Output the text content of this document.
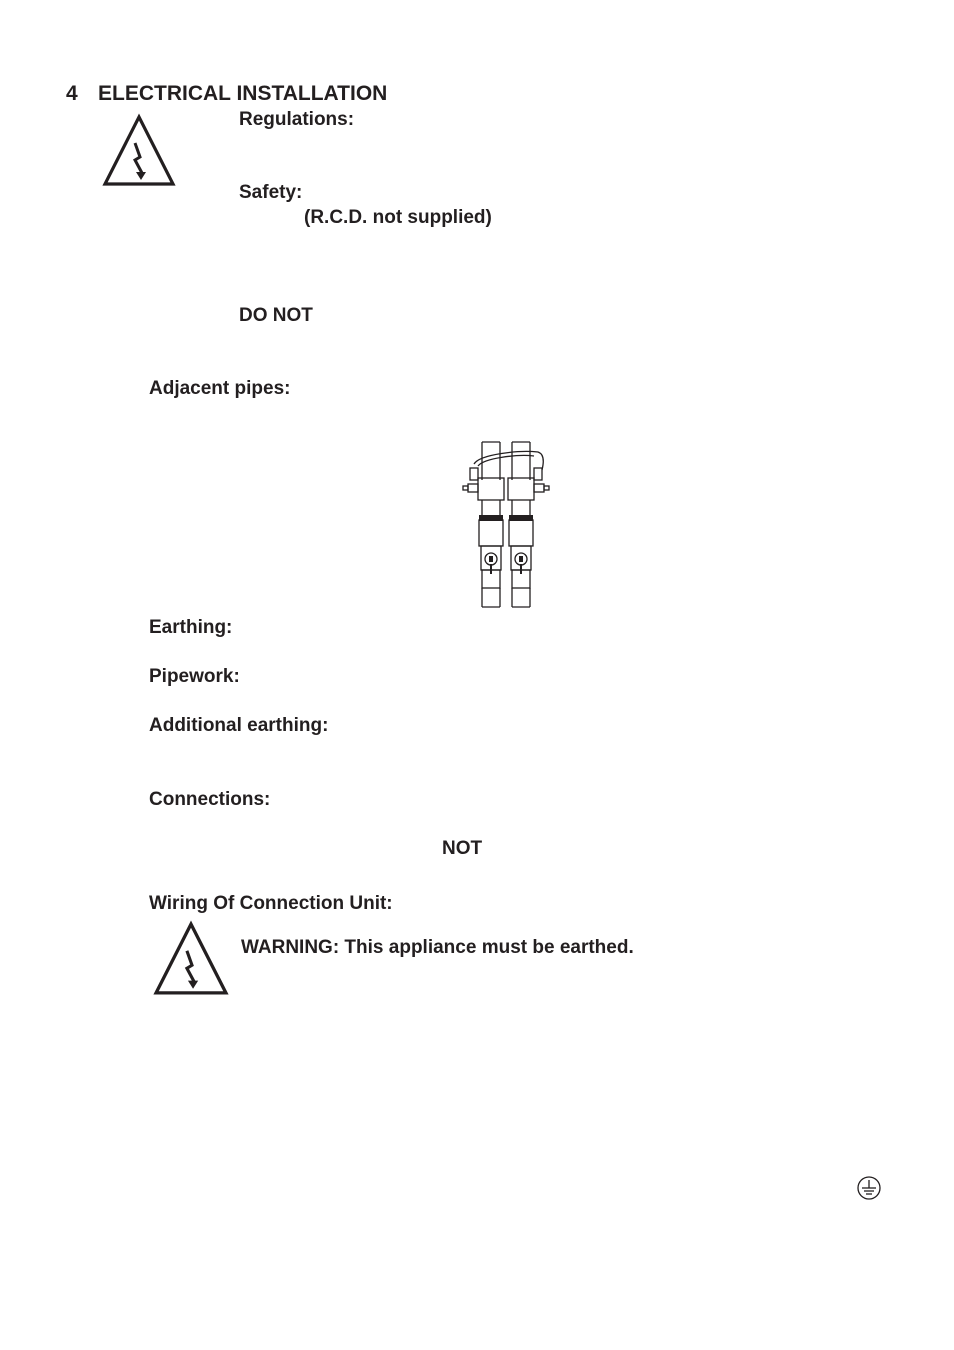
4 ELECTRICAL INSTALLATION
Regulations:
Safety:
(R.C.D. not supplied)
DO NOT
Adjacent pipes:
Earthing:
Pipework:
Additional earthing:
Connections:
NOT
Wiring Of Connection Unit:
WARNING: This appliance must be earthed.
